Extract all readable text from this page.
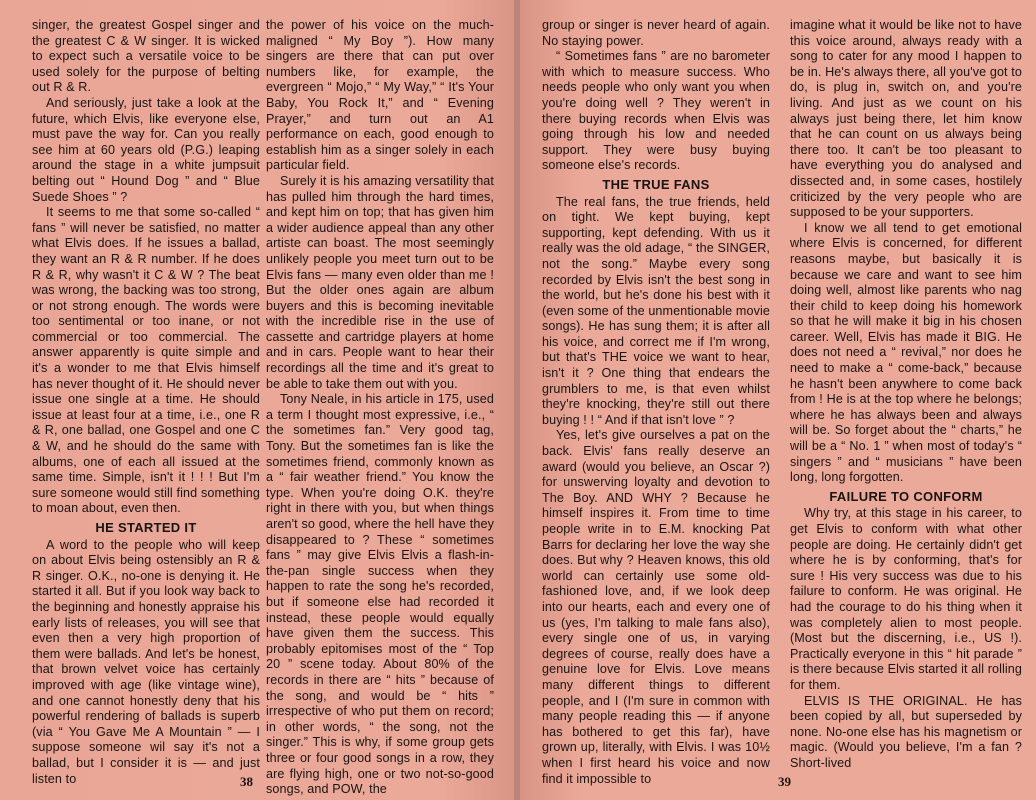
singer, the greatest Gospel singer and the greatest C & W singer. It is wicked to expect such a versatile voice to be used solely for the purpose of belting out R & R.

And seriously, just take a look at the future, which Elvis, like everyone else, must pave the way for. Can you really see him at 60 years old (P.G.) leaping around the stage in a white jumpsuit belting out “ Hound Dog ” and “ Blue Suede Shoes ” ?

It seems to me that some so-called “ fans ” will never be satisfied, no matter what Elvis does. If he issues a ballad, they want an R & R number. If he does R & R, why wasn't it C & W ? The beat was wrong, the backing was too strong, or not strong enough. The words were too sentimental or too inane, or not commercial or too commercial. The answer apparently is quite simple and it's a wonder to me that Elvis himself has never thought of it. He should never issue one single at a time. He should issue at least four at a time, i.e., one R & R, one ballad, one Gospel and one C & W, and he should do the same with albums, one of each all issued at the same time. Simple, isn't it ! ! ! But I'm sure someone would still find something to moan about, even then.

HE STARTED IT

A word to the people who will keep on about Elvis being ostensibly an R & R singer. O.K., no-one is denying it. He started it all. But if you look way back to the beginning and honestly appraise his early lists of releases, you will see that even then a very high proportion of them were ballads. And let's be honest, that brown velvet voice has certainly improved with age (like vintage wine), and one cannot honestly deny that his powerful rendering of ballads is superb (via “ You Gave Me A Mountain ” — I suppose someone wil say it's not a ballad, but I consider it is — and just listen to

the power of his voice on the much-maligned “ My Boy ”). How many singers are there that can put over numbers like, for example, the evergreen “ Mojo,” “ My Way,” “ It's Your Baby, You Rock It,” and “ Evening Prayer,” and turn out an A1 performance on each, good enough to establish him as a singer solely in each particular field.

Surely it is his amazing versatility that has pulled him through the hard times, and kept him on top; that has given him a wider audience appeal than any other artiste can boast. The most seemingly unlikely people you meet turn out to be Elvis fans — many even older than me ! But the older ones again are album buyers and this is becoming inevitable with the incredible rise in the use of cassette and cartridge players at home and in cars. People want to hear their recordings all the time and it's great to be able to take them out with you.

Tony Neale, in his article in 175, used a term I thought most expressive, i.e., “ the sometimes fan.” Very good tag, Tony. But the sometimes fan is like the sometimes friend, commonly known as a “ fair weather friend.” You know the type. When you're doing O.K. they're right in there with you, but when things aren't so good, where the hell have they disappeared to ? These “ sometimes fans ” may give Elvis Elvis a flash-in-the-pan single success when they happen to rate the song he's recorded, but if someone else had recorded it instead, these people would equally have given them the success. This probably epitomises most of the “ Top 20 ” scene today. About 80% of the records in there are “ hits ” because of the song, and would be “ hits ” irrespective of who put them on record; in other words, “ the song, not the singer.” This is why, if some group gets three or four good songs in a row, they are flying high, one or two not-so-good songs, and POW, the

38

group or singer is never heard of again. No staying power.

“ Sometimes fans ” are no barometer with which to measure success. Who needs people who only want you when you're doing well ? They weren't in there buying records when Elvis was going through his low and needed support. They were busy buying someone else's records.

THE TRUE FANS

The real fans, the true friends, held on tight. We kept buying, kept supporting, kept defending. With us it really was the old adage, “ the SINGER, not the song.” Maybe every song recorded by Elvis isn't the best song in the world, but he's done his best with it (even some of the unmentionable movie songs). He has sung them; it is after all his voice, and correct me if I'm wrong, but that's THE voice we want to hear, isn't it ? One thing that endears the grumblers to me, is that even whilst they're knocking, they're still out there buying ! ! “ And if that isn't love ” ?

Yes, let's give ourselves a pat on the back. Elvis' fans really deserve an award (would you believe, an Oscar ?) for unswerving loyalty and devotion to The Boy. AND WHY ? Because he himself inspires it. From time to time people write in to E.M. knocking Pat Barrs for declaring her love the way she does. But why ? Heaven knows, this old world can certainly use some old-fashioned love, and, if we look deep into our hearts, each and every one of us (yes, I'm talking to male fans also), every single one of us, in varying degrees of course, really does have a genuine love for Elvis. Love means many different things to different people, and I (I'm sure in common with many people reading this — if anyone has bothered to get this far), have grown up, literally, with Elvis. I was 10½ when I first heard his voice and now find it impossible to

imagine what it would be like not to have this voice around, always ready with a song to cater for any mood I happen to be in. He's always there, all you've got to do, is plug in, switch on, and you're living. And just as we count on his always just being there, let him know that he can count on us always being there too. It can't be too pleasant to have everything you do analysed and dissected and, in some cases, hostilely criticized by the very people who are supposed to be your supporters.

I know we all tend to get emotional where Elvis is concerned, for different reasons maybe, but basically it is because we care and want to see him doing well, almost like parents who nag their child to keep doing his homework so that he will make it big in his chosen career. Well, Elvis has made it BIG. He does not need a “ revival,” nor does he need to make a “ come-back,” because he hasn't been anywhere to come back from ! He is at the top where he belongs; where he has always been and always will be. So forget about the “ charts,” he will be a “ No. 1 ” when most of today's “ singers ” and “ musicians ” have been long, long forgotten.

FAILURE TO CONFORM

Why try, at this stage in his career, to get Elvis to conform with what other people are doing. He certainly didn't get where he is by conforming, that's for sure ! His very success was due to his failure to conform. He was original. He had the courage to do his thing when it was completely alien to most people. (Most but the discerning, i.e., US !). Practically everyone in this “ hit parade ” is there because Elvis started it all rolling for them.

ELVIS IS THE ORIGINAL. He has been copied by all, but superseded by none. No-one else has his magnetism or magic. (Would you believe, I'm a fan ? Short-lived

39
